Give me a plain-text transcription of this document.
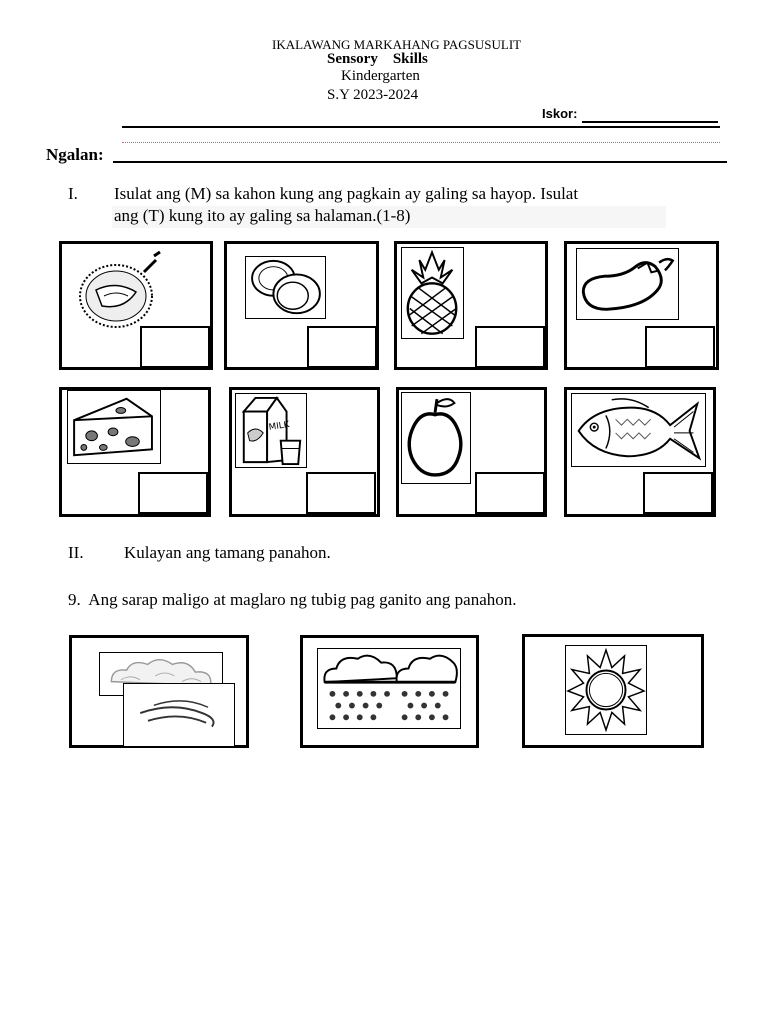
IKALAWANG MARKAHANG PAGSUSULIT
Sensory    Skills
Kindergarten
S.Y 2023-2024
Iskor:
Ngalan:
I. Isulat ang (M) sa kahon kung ang pagkain ay galing sa hayop. Isulat
ang (T) kung ito ay galing sa halaman.(1-8)
MILK
II. Kulayan ang tamang panahon.
9.  Ang sarap maligo at maglaro ng tubig pag ganito ang panahon.
